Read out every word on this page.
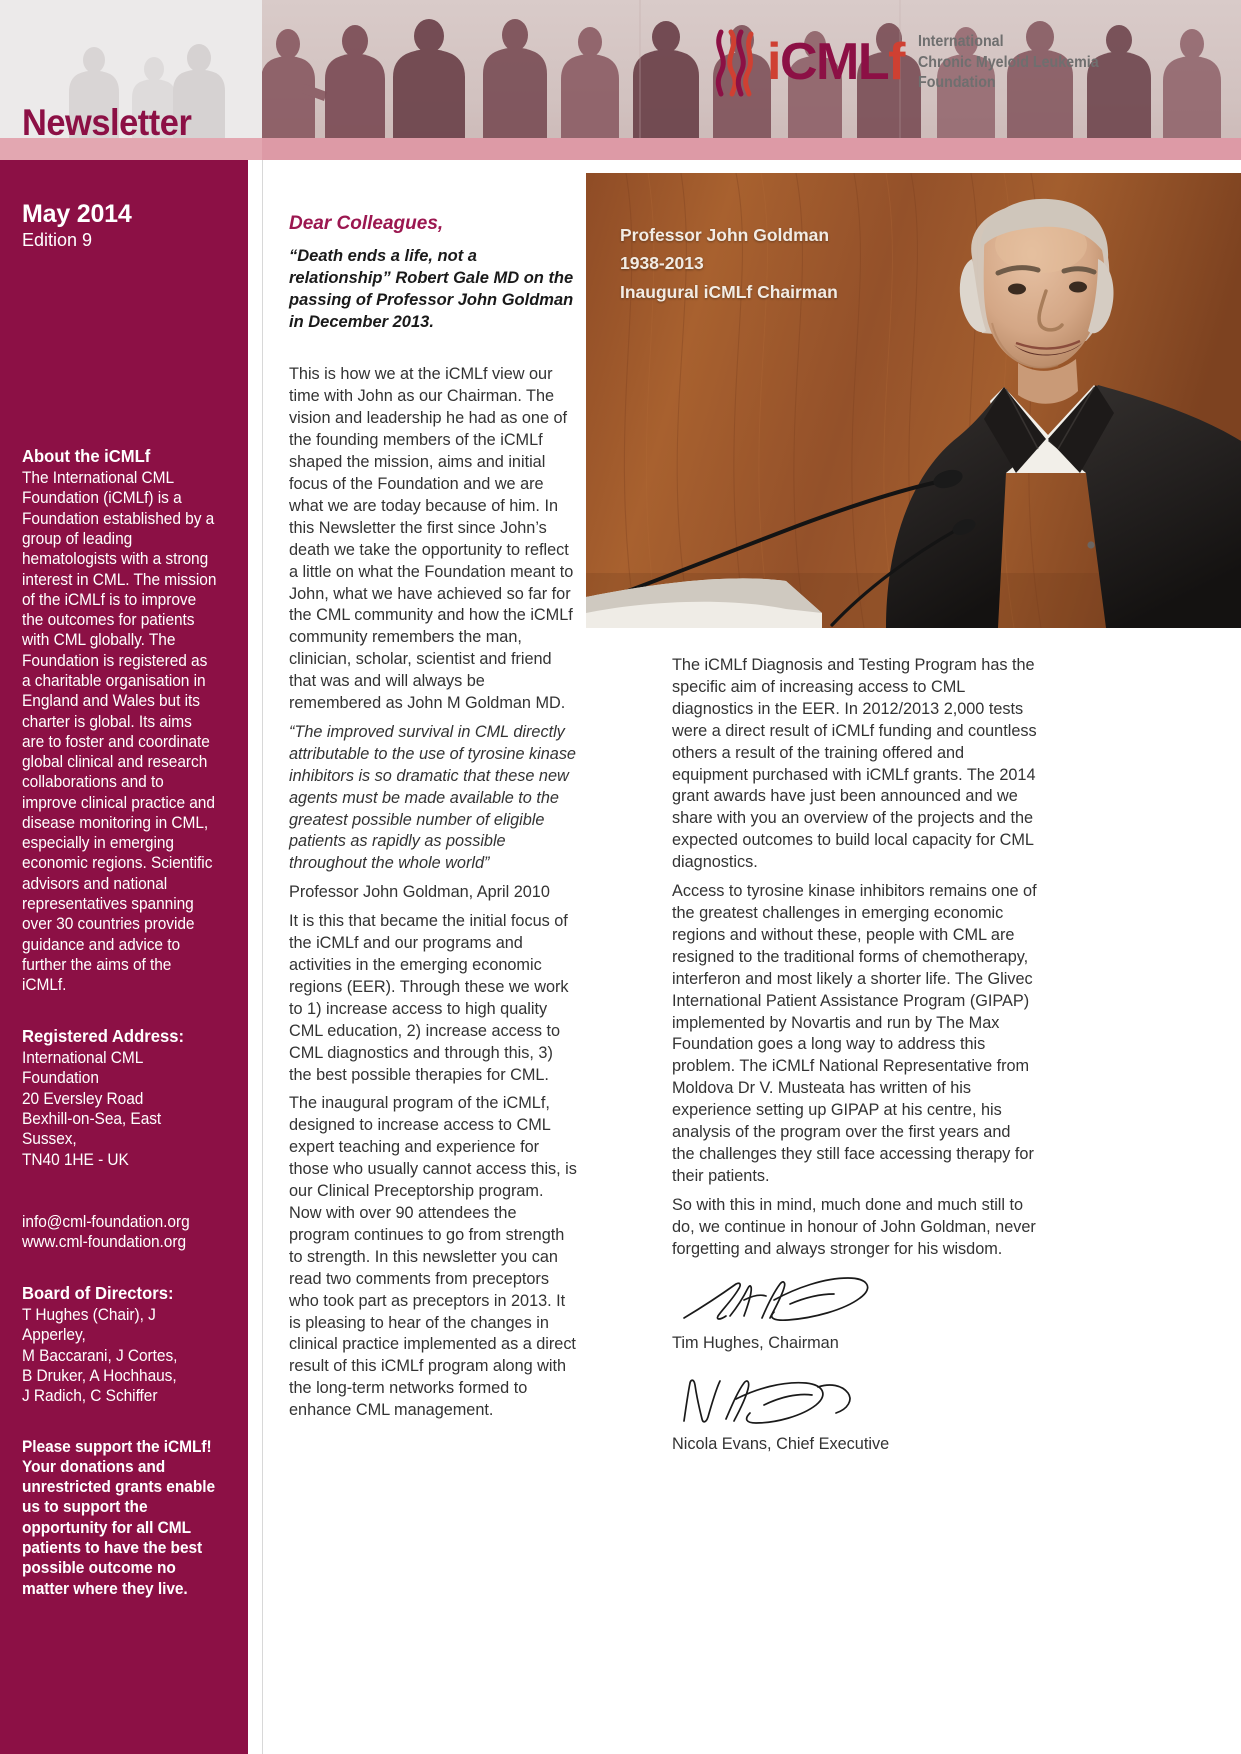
Newsletter
iCMLf International
Chronic Myeloid Leukemia
Foundation
May 2014
Edition 9
About the iCMLf
The International CML Foundation (iCMLf) is a Foundation established by a group of leading hematologists with a strong interest in CML. The mission of the iCMLf is to improve the outcomes for patients with CML globally. The Foundation is registered as a charitable organisation in England and Wales but its charter is global. Its aims are to foster and coordinate global clinical and research collaborations and to improve clinical practice and disease monitoring in CML, especially in emerging economic regions. Scientific advisors and national representatives spanning over 30 countries provide guidance and advice to further the aims of the iCMLf.
Registered Address:
International CML Foundation
20 Eversley Road
Bexhill-on-Sea, East Sussex,
TN40 1HE - UK
info@cml-foundation.org
www.cml-foundation.org
Board of Directors:
T Hughes (Chair), J Apperley,
M Baccarani, J Cortes,
B Druker, A Hochhaus,
J Radich, C Schiffer
Please support the iCMLf! Your donations and unrestricted grants enable us to support the opportunity for all CML patients to have the best possible outcome no matter where they live.
Professor John Goldman
1938-2013
Inaugural iCMLf Chairman
Dear Colleagues,
“Death ends a life, not a relationship” Robert Gale MD on the passing of Professor John Goldman in December 2013.

This is how we at the iCMLf view our time with John as our Chairman. The vision and leadership he had as one of the founding members of the iCMLf shaped the mission, aims and initial focus of the Foundation and we are what we are today because of him. In this Newsletter the first since John’s death we take the opportunity to reflect a little on what the Foundation meant to John, what we have achieved so far for the CML community and how the iCMLf community remembers the man, clinician, scholar, scientist and friend that was and will always be remembered as John M Goldman MD.

“The improved survival in CML directly attributable to the use of tyrosine kinase inhibitors is so dramatic that these new agents must be made available to the greatest possible number of eligible patients as rapidly as possible throughout the whole world”

Professor John Goldman, April 2010

It is this that became the initial focus of the iCMLf and our programs and activities in the emerging economic regions (EER). Through these we work to 1) increase access to high quality CML education, 2) increase access to CML diagnostics and through this, 3) the best possible therapies for CML.

The inaugural program of the iCMLf, designed to increase access to CML expert teaching and experience for those who usually cannot access this, is our Clinical Preceptorship program. Now with over 90 attendees the program continues to go from strength to strength. In this newsletter you can read two comments from preceptors who took part as preceptors in 2013. It is pleasing to hear of the changes in clinical practice implemented as a direct result of this iCMLf program along with the long-term networks formed to enhance CML management.

The iCMLf Diagnosis and Testing Program has the specific aim of increasing access to CML diagnostics in the EER. In 2012/2013 2,000 tests were a direct result of iCMLf funding and countless others a result of the training offered and equipment purchased with iCMLf grants. The 2014 grant awards have just been announced and we share with you an overview of the projects and the expected outcomes to build local capacity for CML diagnostics.

Access to tyrosine kinase inhibitors remains one of the greatest challenges in emerging economic regions and without these, people with CML are resigned to the traditional forms of chemotherapy, interferon and most likely a shorter life. The Glivec International Patient Assistance Program (GIPAP) implemented by Novartis and run by The Max Foundation goes a long way to address this problem. The iCMLf National Representative from Moldova Dr V. Musteata has written of his experience setting up GIPAP at his centre, his analysis of the program over the first years and the challenges they still face accessing therapy for their patients.

So with this in mind, much done and much still to do, we continue in honour of John Goldman, never forgetting and always stronger for his wisdom.

Tim Hughes, Chairman
Nicola Evans, Chief Executive
